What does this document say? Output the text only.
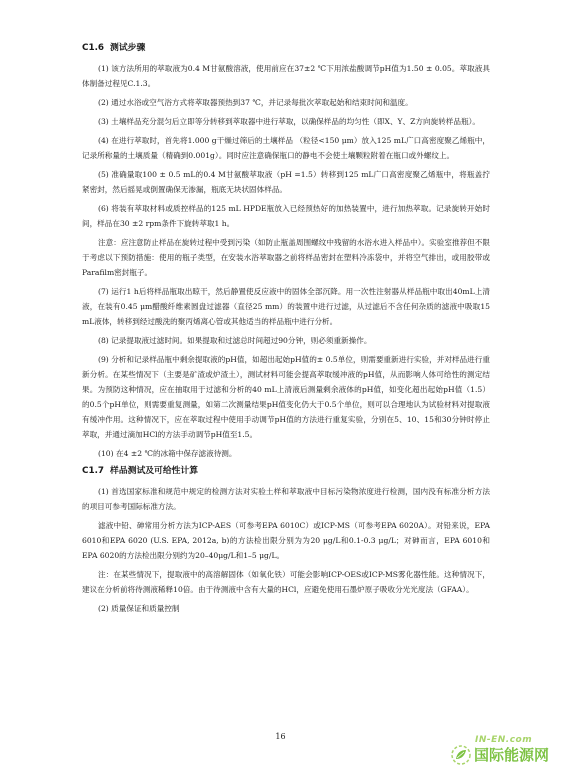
C1.6 测试步骤

(1) 该方法所用的萃取液为0.4 M甘氨酸溶液，使用前应在37±2 ℃下用浓盐酸调节pH值为1.50 ± 0.05。萃取液具体制备过程见C.1.3。

(2) 通过水浴或空气浴方式将萃取器预热到37 ℃，并记录每批次萃取起始和结束时间和温度。

(3) 土壤样品充分混匀后立即等分转移到萃取器中进行萃取，以确保样品的均匀性（即X、Y、Z方向旋转样品瓶）。

(4) 在进行萃取时，首先将1.000 g干燥过筛后的土壤样品 （粒径<150 μm）放入125 mL广口高密度聚乙烯瓶中，记录所称量的土壤质量（精确到0.001g）。同时应注意确保瓶口的静电不会使土壤颗粒附着在瓶口或外螺纹上。

(5) 准确量取100 ± 0.5 mL的0.4 M甘氨酸萃取液（pH =1.5）转移到125 mL广口高密度聚乙烯瓶中，将瓶盖拧紧密封，然后摇晃或倒置确保无渗漏，瓶底无块状固体样品。

(6) 将装有萃取材料或质控样品的125 mL HPDE瓶放入已经预热好的加热装置中，进行加热萃取。记录旋转开始时间，样品在30 ±2 rpm条件下旋转萃取1 h。

注意：应注意防止样品在旋转过程中受到污染（如防止瓶盖周围螺纹中残留的水浴水进入样品中）。实验室推荐但不限于考虑以下预防措施：使用的瓶子类型，在安装水浴萃取器之前将样品密封在塑料冷冻袋中，并将空气排出，或用胶带或Parafilm密封瓶子。

(7) 运行1 h后将样品瓶取出晾干，然后静置使反应液中的固体全部沉降。用一次性注射器从样品瓶中取出40mL上清液，在装有0.45 μm醋酸纤维素圆盘过滤器（直径25 mm）的装置中进行过滤，从过滤后不含任何杂质的滤液中吸取15 mL液体，转移到经过酸洗的聚丙烯离心管或其他适当的样品瓶中进行分析。

(8) 记录提取液过滤时间。如果提取和过滤总时间超过90分钟，则必须重新操作。

(9) 分析和记录样品瓶中剩余提取液的pH值，如超出起始pH值的± 0.5单位，则需要重新进行实验，并对样品进行重新分析。在某些情况下（主要是矿渣或炉渣土），测试材料可能会提高萃取缓冲液的pH值，从而影响人体可给性的测定结果。为预防这种情况，应在抽取用于过滤和分析的40 mL上清液后测量剩余液体的pH值，如变化超出起始pH值（1.5）的0.5个pH单位，则需要重复测量，如第二次测量结果pH值变化仍大于0.5个单位，则可以合理地认为试验材料对提取液有缓冲作用。这种情况下，应在萃取过程中使用手动调节pH值的方法进行重复实验，分别在5、10、15和30分钟时停止萃取，并通过滴加HCl的方法手动调节pH值至1.5。

(10) 在4 ±2 ℃的冰箱中保存滤液待测。

C1.7 样品测试及可给性计算

(1) 首选国家标准和规范中规定的检测方法对实验土样和萃取液中目标污染物浓度进行检测，国内没有标准分析方法的项目可参考国际标准方法。

滤液中铅、砷常用分析方法为ICP-AES（可参考EPA 6010C）或ICP-MS（可参考EPA 6020A）。对铅来说，EPA 6010和EPA 6020 (U.S. EPA, 2012a, b)的方法检出限分别为为20 μg/L和0.1-0.3 μg/L；对砷而言，EPA 6010和EPA 6020的方法检出限分别约为20–40μg/L和1–5 μg/L。

注：在某些情况下，提取液中的高溶解固体（如氧化铁）可能会影响ICP-OES或ICP-MS雾化器性能。这种情况下，建议在分析前将待测液稀释10倍。由于待测液中含有大量的HCl，应避免使用石墨炉原子吸收分光光度法（GFAA）。

(2) 质量保证和质量控制

16	IN-EN.com
国际能源网
